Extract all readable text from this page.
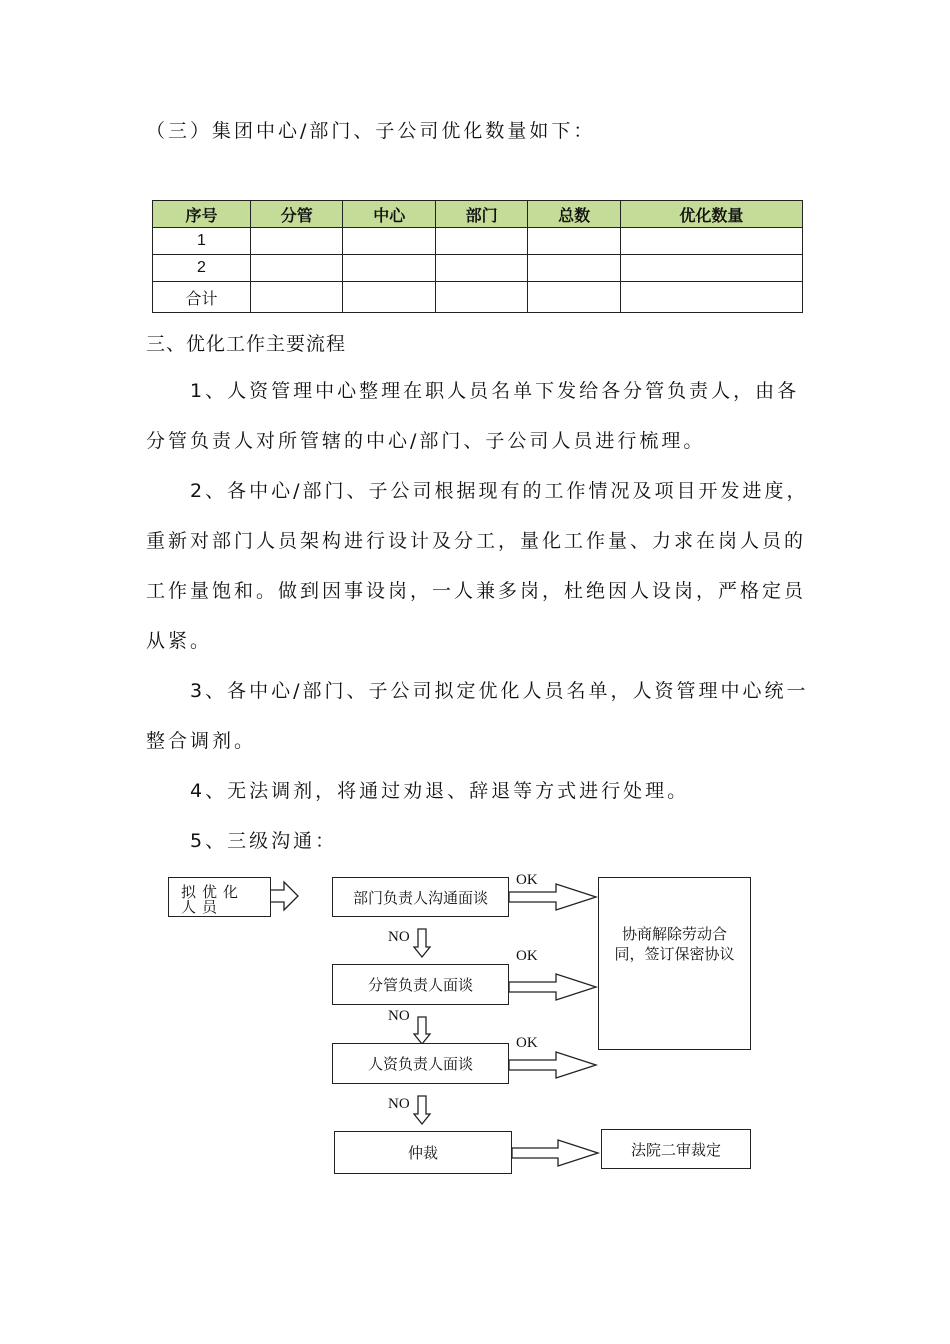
（三）集团中心/部门、子公司优化数量如下：
序号	分管	中心	部门	总数	优化数量
1					
2					
合计					
三、优化工作主要流程

1、人资管理中心整理在职人员名单下发给各分管负责人，由各分管负责人对所管辖的中心/部门、子公司人员进行梳理。

2、各中心/部门、子公司根据现有的工作情况及项目开发进度，重新对部门人员架构进行设计及分工，量化工作量、力求在岗人员的工作量饱和。做到因事设岗，一人兼多岗，杜绝因人设岗，严格定员从紧。

3、各中心/部门、子公司拟定优化人员名单，人资管理中心统一整合调剂。

4、无法调剂，将通过劝退、辞退等方式进行处理。

5、三级沟通：

拟优化人员
部门负责人沟通面谈
分管负责人面谈
人资负责人面谈
仲裁
协商解除劳动合同，签订保密协议
法院二审裁定
OK
OK
OK
NO
NO
NO
